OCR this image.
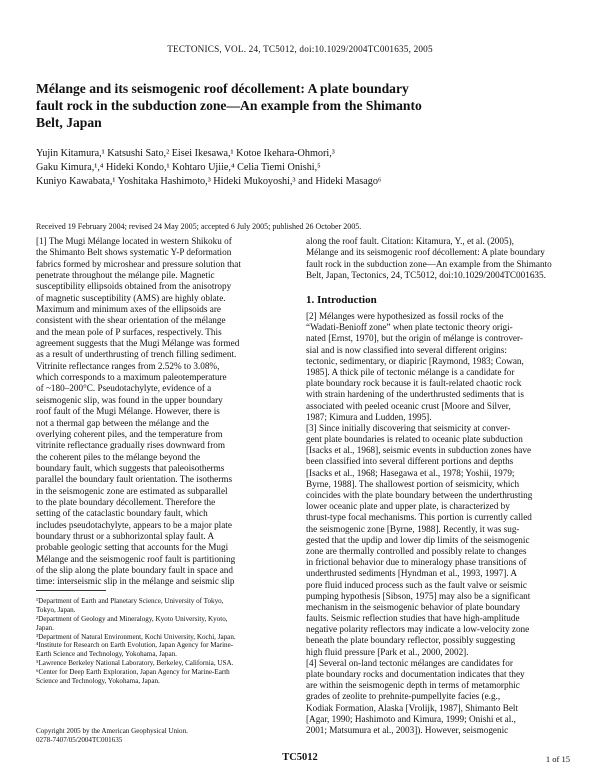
TECTONICS, VOL. 24, TC5012, doi:10.1029/2004TC001635, 2005
Mélange and its seismogenic roof décollement: A plate boundary
fault rock in the subduction zone—An example from the Shimanto
Belt, Japan
Yujin Kitamura,¹ Katsushi Sato,² Eisei Ikesawa,¹ Kotoe Ikehara-Ohmori,³
Gaku Kimura,¹,⁴ Hideki Kondo,¹ Kohtaro Ujiie,⁴ Celia Tiemi Onishi,⁵
Kuniyo Kawabata,¹ Yoshitaka Hashimoto,³ Hideki Mukoyoshi,³ and Hideki Masago⁶
Received 19 February 2004; revised 24 May 2005; accepted 6 July 2005; published 26 October 2005.
[1] The Mugi Mélange located in western Shikoku of
the Shimanto Belt shows systematic Y-P deformation
fabrics formed by microshear and pressure solution that
penetrate throughout the mélange pile. Magnetic
susceptibility ellipsoids obtained from the anisotropy
of magnetic susceptibility (AMS) are highly oblate.
Maximum and minimum axes of the ellipsoids are
consistent with the shear orientation of the mélange
and the mean pole of P surfaces, respectively. This
agreement suggests that the Mugi Mélange was formed
as a result of underthrusting of trench filling sediment.
Vitrinite reflectance ranges from 2.52% to 3.08%,
which corresponds to a maximum paleotemperature
of ~180–200°C. Pseudotachylyte, evidence of a
seismogenic slip, was found in the upper boundary
roof fault of the Mugi Mélange. However, there is
not a thermal gap between the mélange and the
overlying coherent piles, and the temperature from
vitrinite reflectance gradually rises downward from
the coherent piles to the mélange beyond the
boundary fault, which suggests that paleoisotherms
parallel the boundary fault orientation. The isotherms
in the seismogenic zone are estimated as subparallel
to the plate boundary décollement. Therefore the
setting of the cataclastic boundary fault, which
includes pseudotachylyte, appears to be a major plate
boundary thrust or a subhorizontal splay fault. A
probable geologic setting that accounts for the Mugi
Mélange and the seismogenic roof fault is partitioning
of the slip along the plate boundary fault in space and
time: interseismic slip in the mélange and seismic slip
along the roof fault. Citation: Kitamura, Y., et al. (2005),
Mélange and its seismogenic roof décollement: A plate boundary
fault rock in the subduction zone—An example from the Shimanto
Belt, Japan, Tectonics, 24, TC5012, doi:10.1029/2004TC001635.
1. Introduction
[2] Mélanges were hypothesized as fossil rocks of the
“Wadati-Benioff zone” when plate tectonic theory origi-
nated [Ernst, 1970], but the origin of mélange is controver-
sial and is now classified into several different origins:
tectonic, sedimentary, or diapiric [Raymond, 1983; Cowan,
1985]. A thick pile of tectonic mélange is a candidate for
plate boundary rock because it is fault-related chaotic rock
with strain hardening of the underthrusted sediments that is
associated with peeled oceanic crust [Moore and Silver,
1987; Kimura and Ludden, 1995].
[3] Since initially discovering that seismicity at conver-
gent plate boundaries is related to oceanic plate subduction
[Isacks et al., 1968], seismic events in subduction zones have
been classified into several different portions and depths
[Isacks et al., 1968; Hasegawa et al., 1978; Yoshii, 1979;
Byrne, 1988]. The shallowest portion of seismicity, which
coincides with the plate boundary between the underthrusting
lower oceanic plate and upper plate, is characterized by
thrust-type focal mechanisms. This portion is currently called
the seismogenic zone [Byrne, 1988]. Recently, it was sug-
gested that the updip and lower dip limits of the seismogenic
zone are thermally controlled and possibly relate to changes
in frictional behavior due to mineralogy phase transitions of
underthrusted sediments [Hyndman et al., 1993, 1997]. A
pore fluid induced process such as the fault valve or seismic
pumping hypothesis [Sibson, 1975] may also be a significant
mechanism in the seismogenic behavior of plate boundary
faults. Seismic reflection studies that have high-amplitude
negative polarity reflectors may indicate a low-velocity zone
beneath the plate boundary reflector, possibly suggesting
high fluid pressure [Park et al., 2000, 2002].
[4] Several on-land tectonic mélanges are candidates for
plate boundary rocks and documentation indicates that they
are within the seismogenic depth in terms of metamorphic
grades of zeolite to prehnite-pumpellyite facies (e.g.,
Kodiak Formation, Alaska [Vrolijk, 1987], Shimanto Belt
[Agar, 1990; Hashimoto and Kimura, 1999; Onishi et al.,
2001; Matsumura et al., 2003]). However, seismogenic
¹Department of Earth and Planetary Science, University of Tokyo,
Tokyo, Japan.
²Department of Geology and Mineralogy, Kyoto University, Kyoto,
Japan.
³Department of Natural Environment, Kochi University, Kochi, Japan.
⁴Institute for Research on Earth Evolution, Japan Agency for Marine-
Earth Science and Technology, Yokohama, Japan.
⁵Lawrence Berkeley National Laboratory, Berkeley, California, USA.
⁶Center for Deep Earth Exploration, Japan Agency for Marine-Earth
Science and Technology, Yokohama, Japan.
Copyright 2005 by the American Geophysical Union.
0278-7407/05/2004TC001635
TC5012	1 of 15
